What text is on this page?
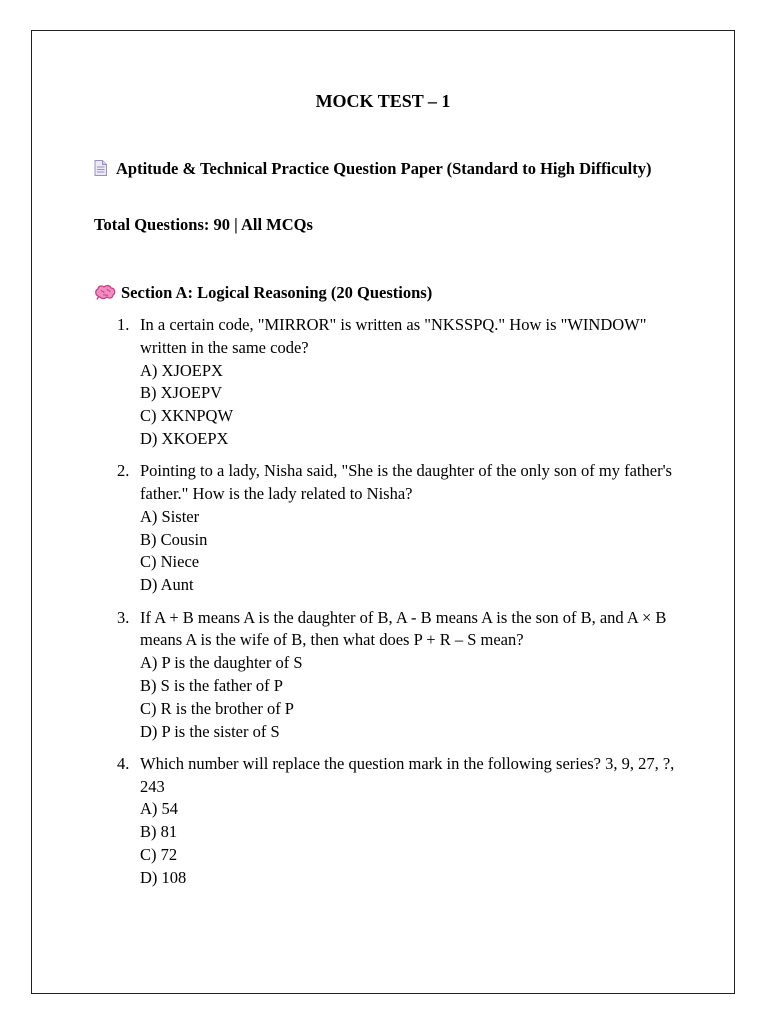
MOCK TEST – 1
Aptitude & Technical Practice Question Paper (Standard to High Difficulty)
Total Questions: 90 | All MCQs
Section A: Logical Reasoning (20 Questions)
1. In a certain code, "MIRROR" is written as "NKSSPQ." How is "WINDOW" written in the same code?
A) XJOEPX
B) XJOEPV
C) XKNPQW
D) XKOEPX
2. Pointing to a lady, Nisha said, "She is the daughter of the only son of my father's father." How is the lady related to Nisha?
A) Sister
B) Cousin
C) Niece
D) Aunt
3. If A + B means A is the daughter of B, A - B means A is the son of B, and A × B means A is the wife of B, then what does P + R – S mean?
A) P is the daughter of S
B) S is the father of P
C) R is the brother of P
D) P is the sister of S
4. Which number will replace the question mark in the following series? 3, 9, 27, ?, 243
A) 54
B) 81
C) 72
D) 108
